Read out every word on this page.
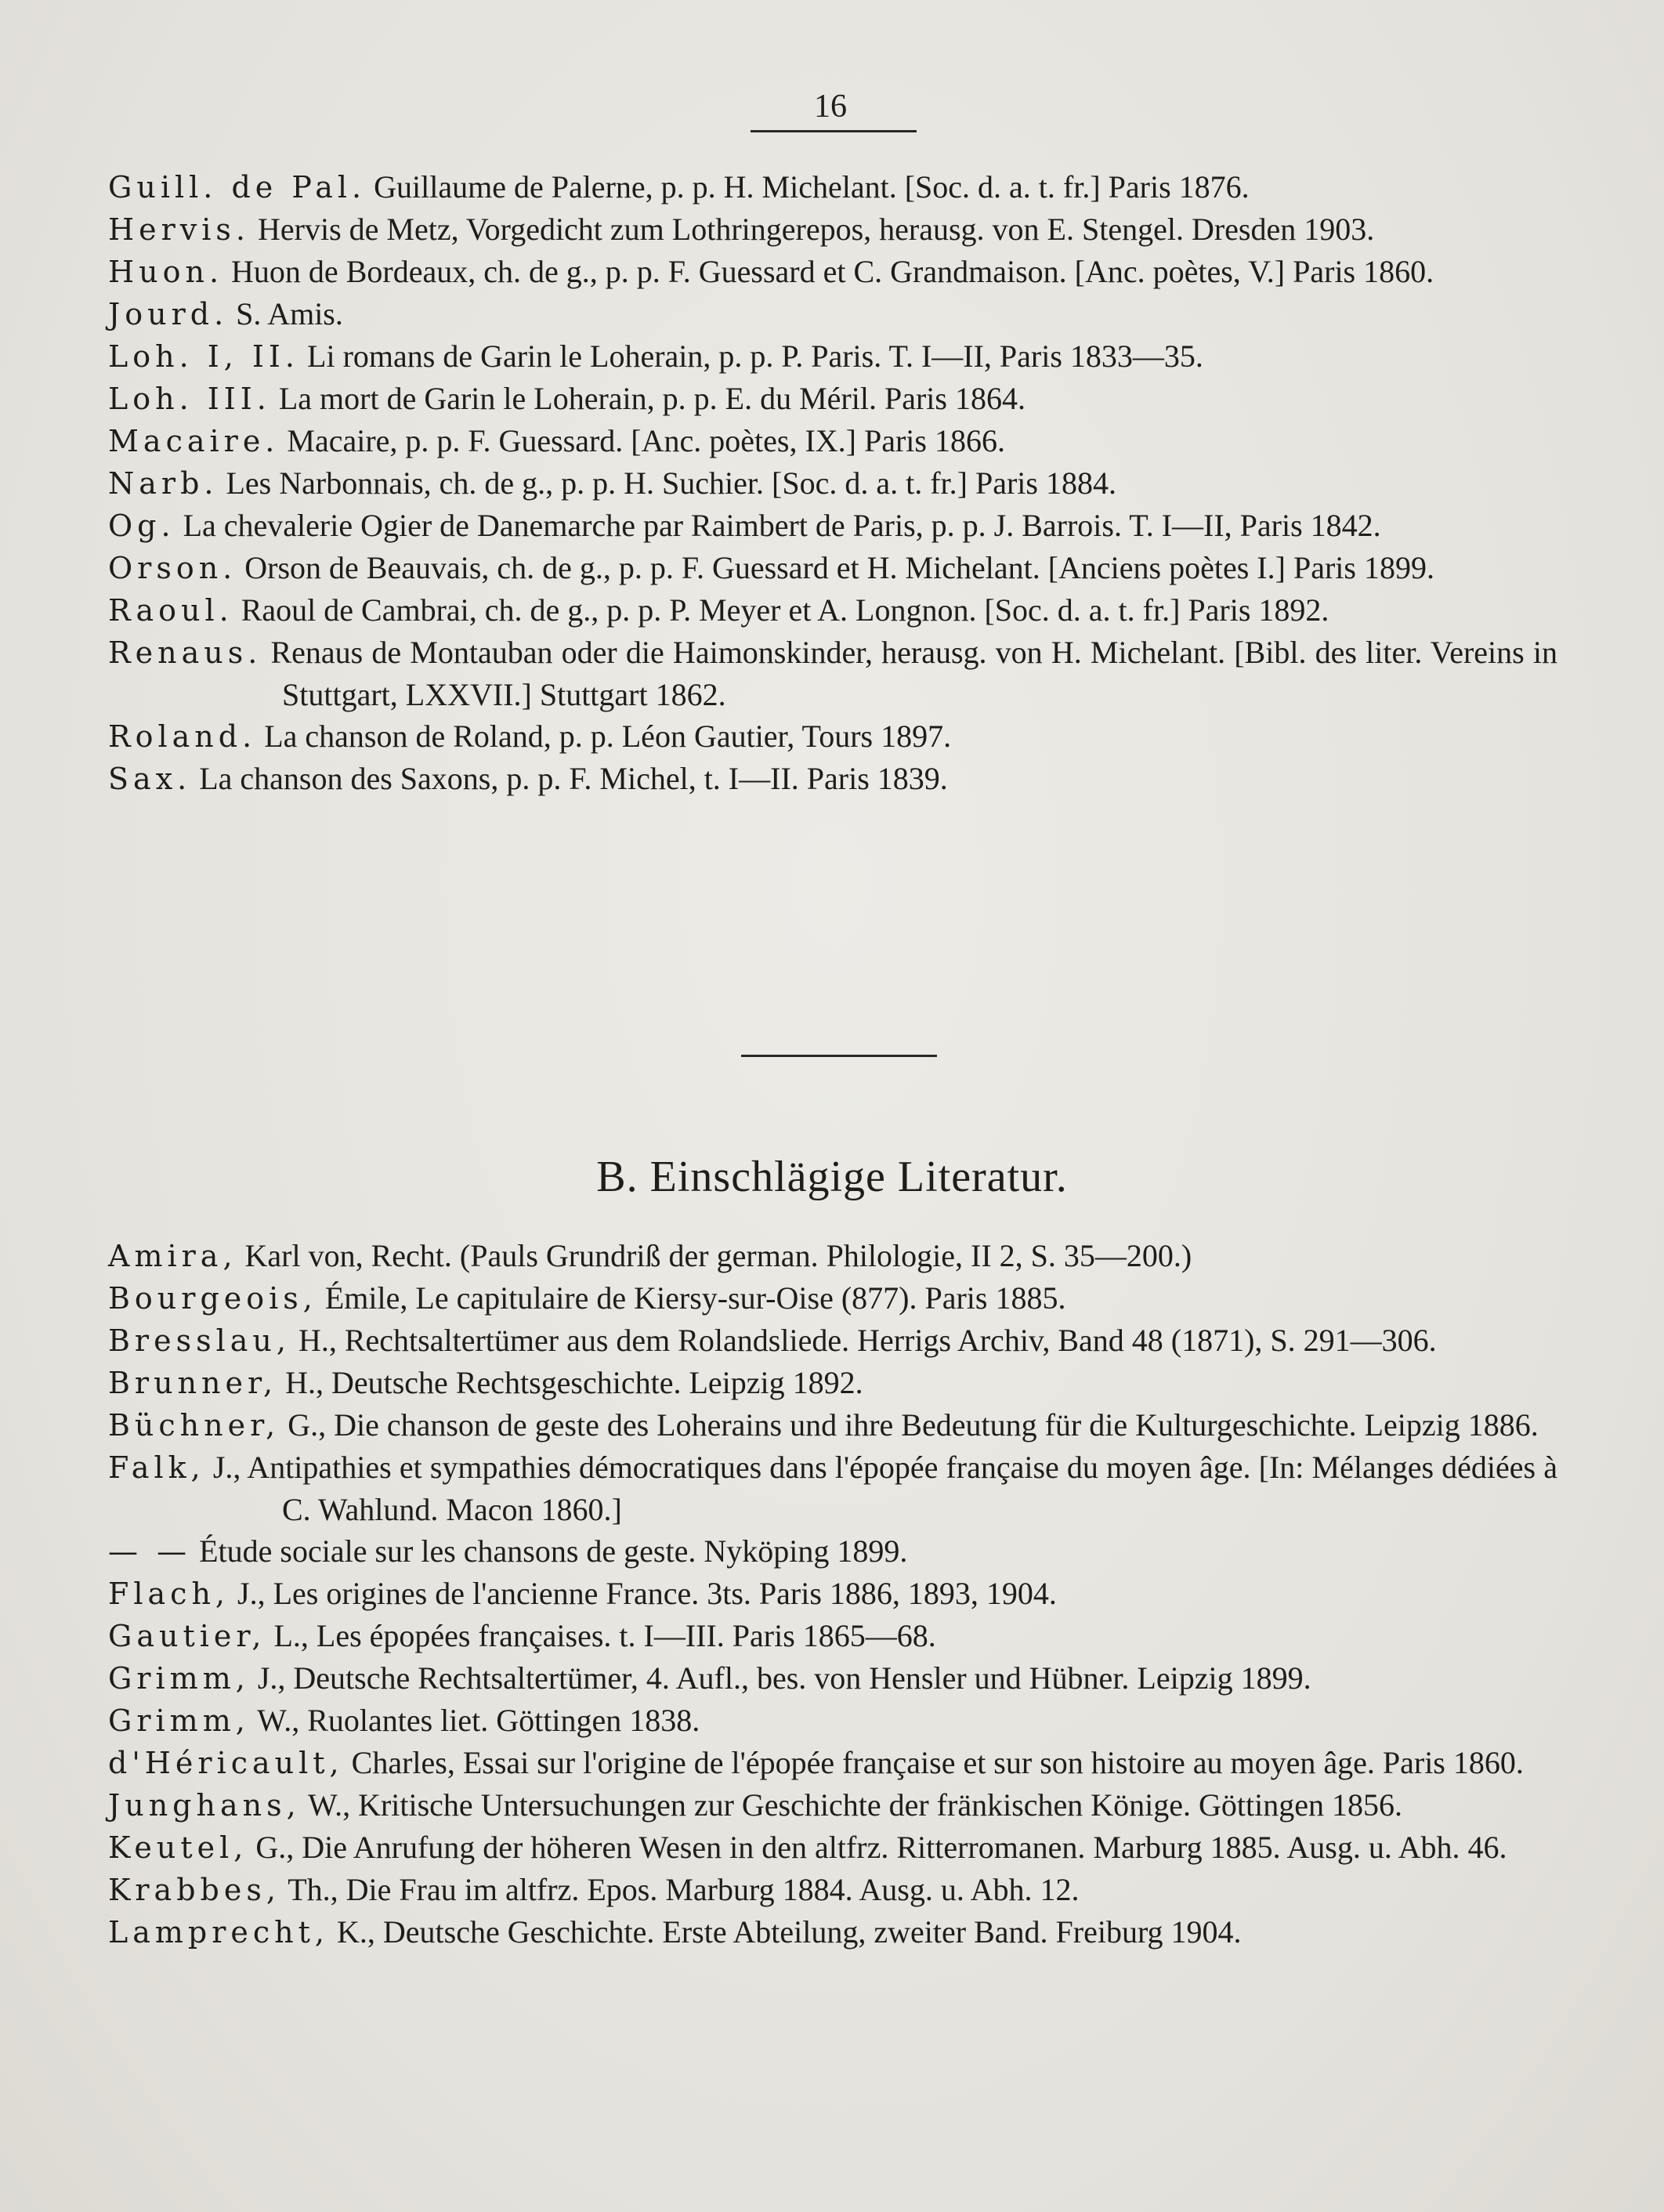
16

Guill. de Pal. Guillaume de Palerne, p. p. H. Michelant. [Soc. d. a. t. fr.] Paris 1876.

Hervis. Hervis de Metz, Vorgedicht zum Lothringerepos, herausg. von E. Stengel. Dresden 1903.

Huon. Huon de Bordeaux, ch. de g., p. p. F. Guessard et C. Grandmaison. [Anc. poètes, V.] Paris 1860.

Jourd. S. Amis.

Loh. I, II. Li romans de Garin le Loherain, p. p. P. Paris. T. I—II, Paris 1833—35.

Loh. III. La mort de Garin le Loherain, p. p. E. du Méril. Paris 1864.

Macaire. Macaire, p. p. F. Guessard. [Anc. poètes, IX.] Paris 1866.

Narb. Les Narbonnais, ch. de g., p. p. H. Suchier. [Soc. d. a. t. fr.] Paris 1884.

Og. La chevalerie Ogier de Danemarche par Raimbert de Paris, p. p. J. Barrois. T. I—II, Paris 1842.

Orson. Orson de Beauvais, ch. de g., p. p. F. Guessard et H. Michelant. [Anciens poètes I.] Paris 1899.

Raoul. Raoul de Cambrai, ch. de g., p. p. P. Meyer et A. Longnon. [Soc. d. a. t. fr.] Paris 1892.

Renaus. Renaus de Montauban oder die Haimonskinder, herausg. von H. Michelant. [Bibl. des liter. Vereins in Stuttgart, LXXVII.] Stuttgart 1862.

Roland. La chanson de Roland, p. p. Léon Gautier, Tours 1897.

Sax. La chanson des Saxons, p. p. F. Michel, t. I—II. Paris 1839.

B. Einschlägige Literatur.

Amira, Karl von, Recht. (Pauls Grundriß der german. Philologie, II 2, S. 35—200.)

Bourgeois, Émile, Le capitulaire de Kiersy-sur-Oise (877). Paris 1885.

Bresslau, H., Rechtsaltertümer aus dem Rolandsliede. Herrigs Archiv, Band 48 (1871), S. 291—306.

Brunner, H., Deutsche Rechtsgeschichte. Leipzig 1892.

Büchner, G., Die chanson de geste des Loherains und ihre Bedeutung für die Kulturgeschichte. Leipzig 1886.

Falk, J., Antipathies et sympathies démocratiques dans l'épopée française du moyen âge. [In: Mélanges dédiées à C. Wahlund. Macon 1860.]

— — Étude sociale sur les chansons de geste. Nyköping 1899.

Flach, J., Les origines de l'ancienne France. 3ts. Paris 1886, 1893, 1904.

Gautier, L., Les épopées françaises. t. I—III. Paris 1865—68.

Grimm, J., Deutsche Rechtsaltertümer, 4. Aufl., bes. von Hensler und Hübner. Leipzig 1899.

Grimm, W., Ruolantes liet. Göttingen 1838.

d'Héricault, Charles, Essai sur l'origine de l'épopée française et sur son histoire au moyen âge. Paris 1860.

Junghans, W., Kritische Untersuchungen zur Geschichte der fränkischen Könige. Göttingen 1856.

Keutel, G., Die Anrufung der höheren Wesen in den altfrz. Ritterromanen. Marburg 1885. Ausg. u. Abh. 46.

Krabbes, Th., Die Frau im altfrz. Epos. Marburg 1884. Ausg. u. Abh. 12.

Lamprecht, K., Deutsche Geschichte. Erste Abteilung, zweiter Band. Freiburg 1904.
